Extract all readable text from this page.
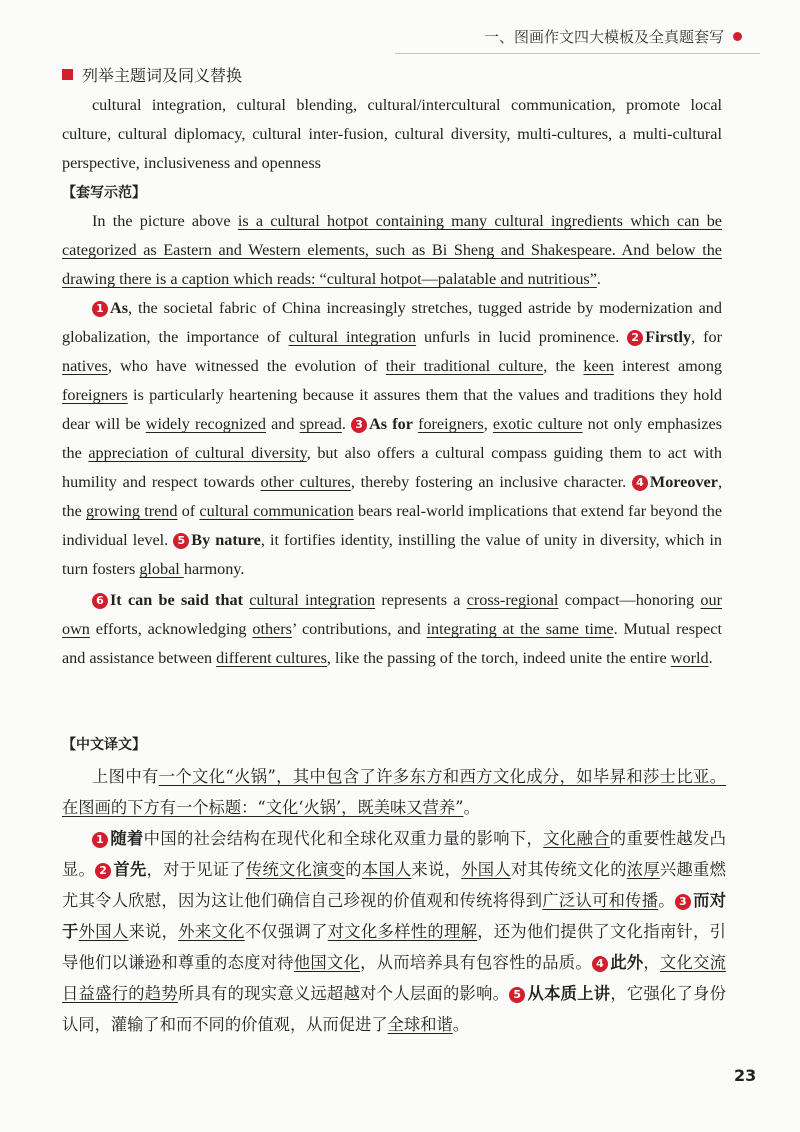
一、图画作文四大模板及全真题套写
列举主题词及同义替换
cultural integration, cultural blending, cultural/intercultural communication, promote local culture, cultural diplomacy, cultural inter-fusion, cultural diversity, multi-cultures, a multi-cultural perspective, inclusiveness and openness
【套写示范】
In the picture above is a cultural hotpot containing many cultural ingredients which can be categorized as Eastern and Western elements, such as Bi Sheng and Shakespeare. And below the drawing there is a caption which reads: “cultural hotpot—palatable and nutritious”.
1 As, the societal fabric of China increasingly stretches, tugged astride by modernization and globalization, the importance of cultural integration unfurls in lucid prominence. 2 Firstly, for natives, who have witnessed the evolution of their traditional culture, the keen interest among foreigners is particularly heartening because it assures them that the values and traditions they hold dear will be widely recognized and spread. 3 As for foreigners, exotic culture not only emphasizes the appreciation of cultural diversity, but also offers a cultural compass guiding them to act with humility and respect towards other cultures, thereby fostering an inclusive character. 4 Moreover, the growing trend of cultural communication bears real-world implications that extend far beyond the individual level. 5 By nature, it fortifies identity, instilling the value of unity in diversity, which in turn fosters global harmony.
6 It can be said that cultural integration represents a cross-regional compact—honoring our own efforts, acknowledging others’ contributions, and integrating at the same time. Mutual respect and assistance between different cultures, like the passing of the torch, indeed unite the entire world.
【中文译文】
上图中有一个文化“火锅”，其中包含了许多东方和西方文化成分，如毕昇和莎士比亚。在图画的下方有一个标题：“文化‘火锅’，既美味又营养”。
1 随着中国的社会结构在现代化和全球化双重力量的影响下，文化融合的重要性越发凸显。 2 首先，对于见证了传统文化演变的本国人来说，外国人对其传统文化的浓厚兴趣重燃尤其令人欣慰，因为这让他们确信自己珍视的价值观和传统将得到广泛认可和传播。 3 而对于外国人来说，外来文化不仅强调了对文化多样性的理解，还为他们提供了文化指南针，引导他们以谦逊和尊重的态度对待他国文化，从而培养具有包容性的品质。 4 此外，文化交流日益盛行的趋势所具有的现实意义远超越对个人层面的影响。 5 从本质上讲，它强化了身份认同，灌输了和而不同的价值观，从而促进了全球和谐。
23
